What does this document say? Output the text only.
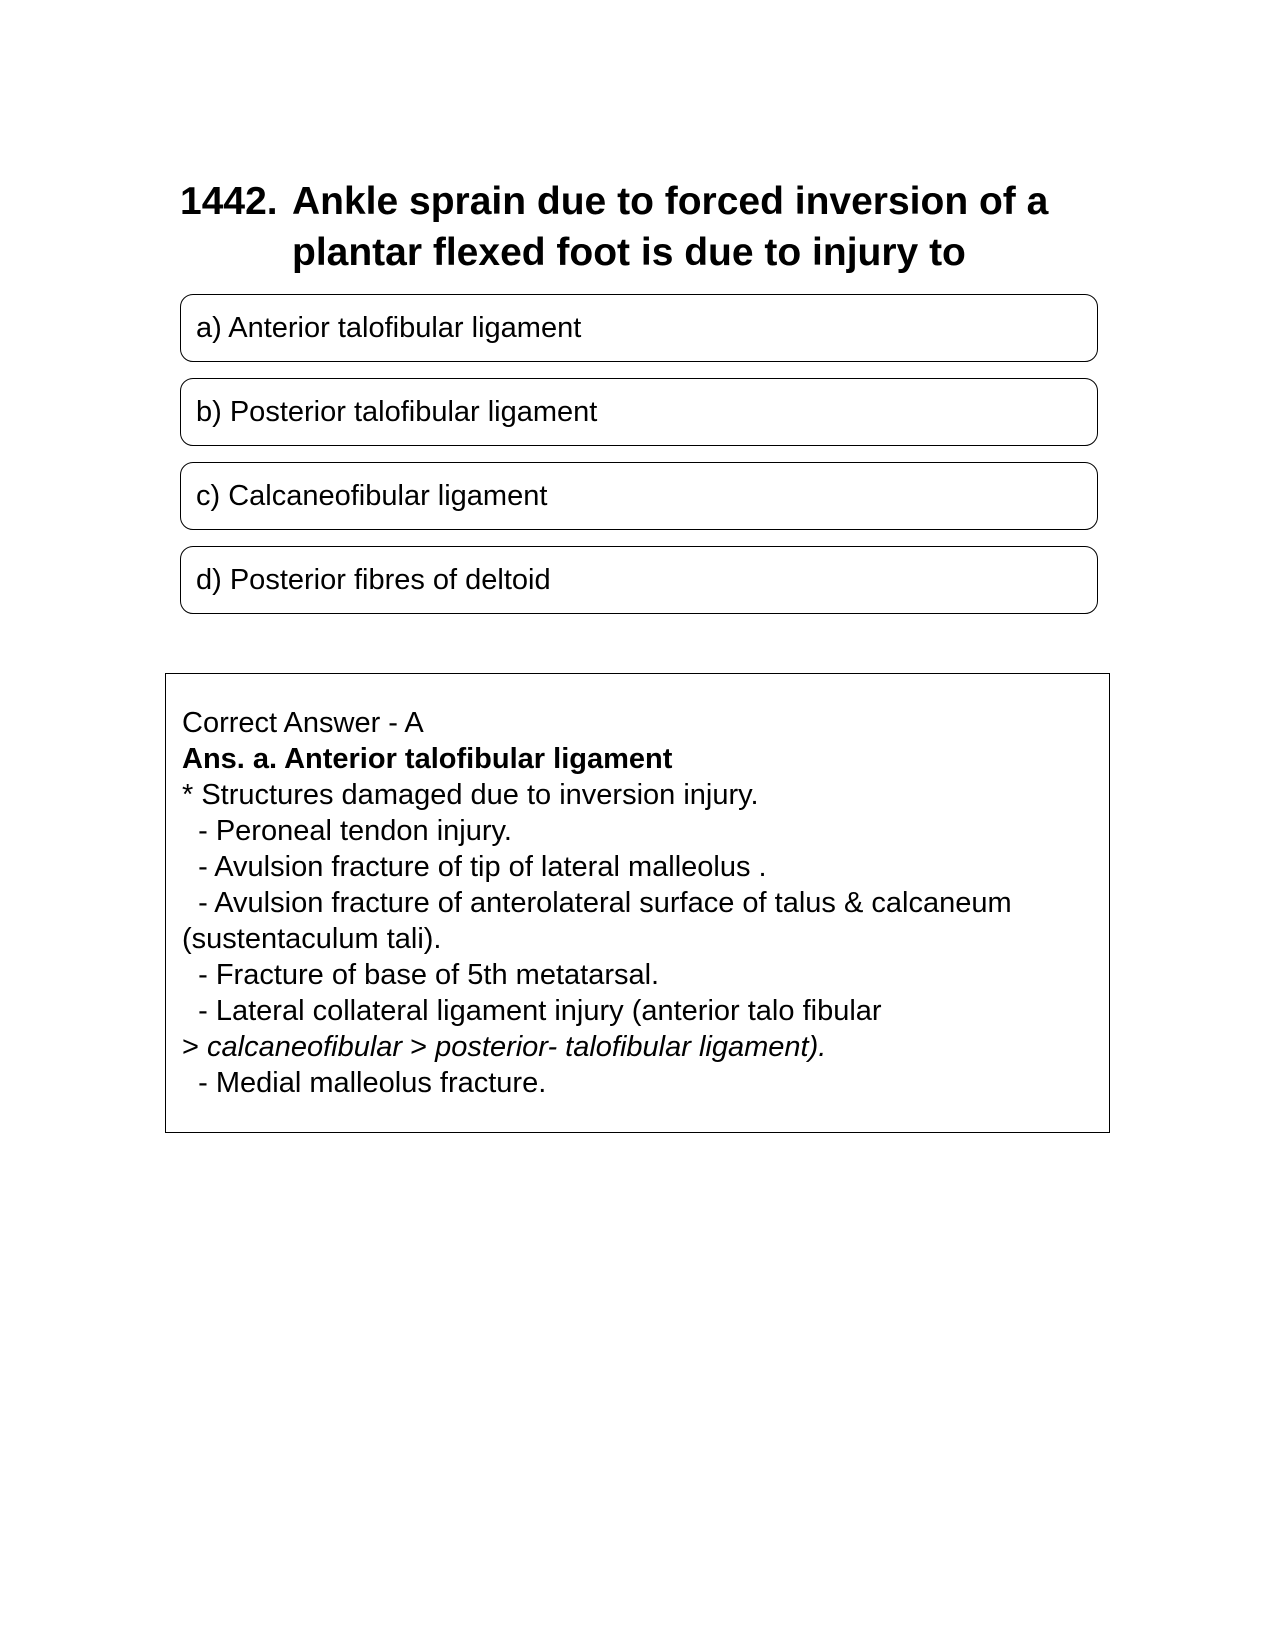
1442. Ankle sprain due to forced inversion of a plantar flexed foot is due to injury to
a) Anterior talofibular ligament
b) Posterior talofibular ligament
c) Calcaneofibular ligament
d) Posterior fibres of deltoid
Correct Answer - A
Ans. a. Anterior talofibular ligament
* Structures damaged due to inversion injury.
- Peroneal tendon injury.
- Avulsion fracture of tip of lateral malleolus .
- Avulsion fracture of anterolateral surface of talus & calcaneum (sustentaculum tali).
- Fracture of base of 5th metatarsal.
- Lateral collateral ligament injury (anterior talo fibular
> calcaneofibular > posterior- talofibular ligament).
- Medial malleolus fracture.
